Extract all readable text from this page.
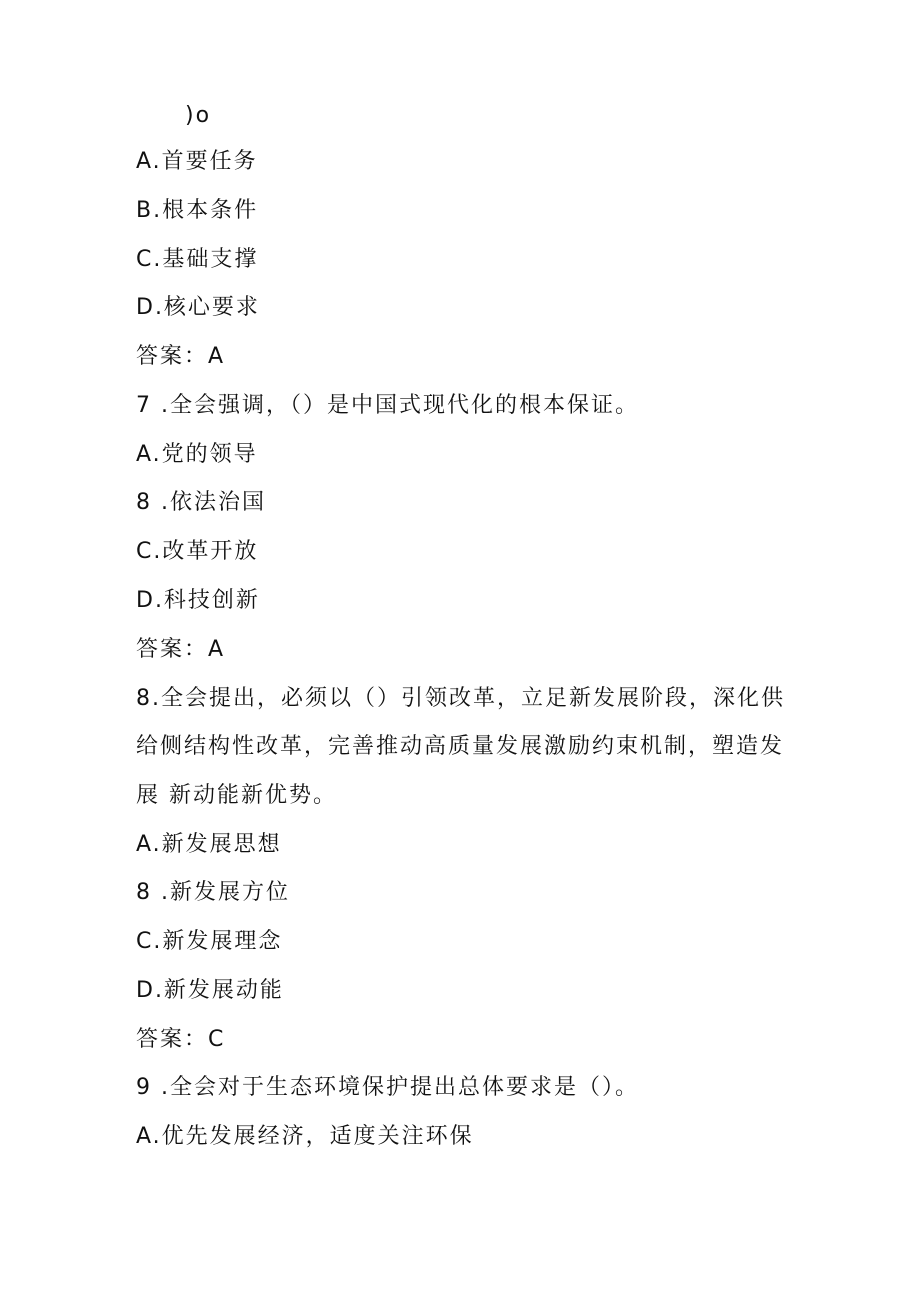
)o
A.首要任务
B.根本条件
C.基础支撑
D.核心要求
答案：A
7 .全会强调，（）是中国式现代化的根本保证。
A.党的领导
8 .依法治国
C.改革开放
D.科技创新
答案：A
8.全会提出，必须以（）引领改革，立足新发展阶段，深化供
给侧结构性改革，完善推动高质量发展激励约束机制，塑造发
展 新动能新优势。
A.新发展思想
8 .新发展方位
C.新发展理念
D.新发展动能
答案：C
9 .全会对于生态环境保护提出总体要求是（）。
A.优先发展经济，适度关注环保
